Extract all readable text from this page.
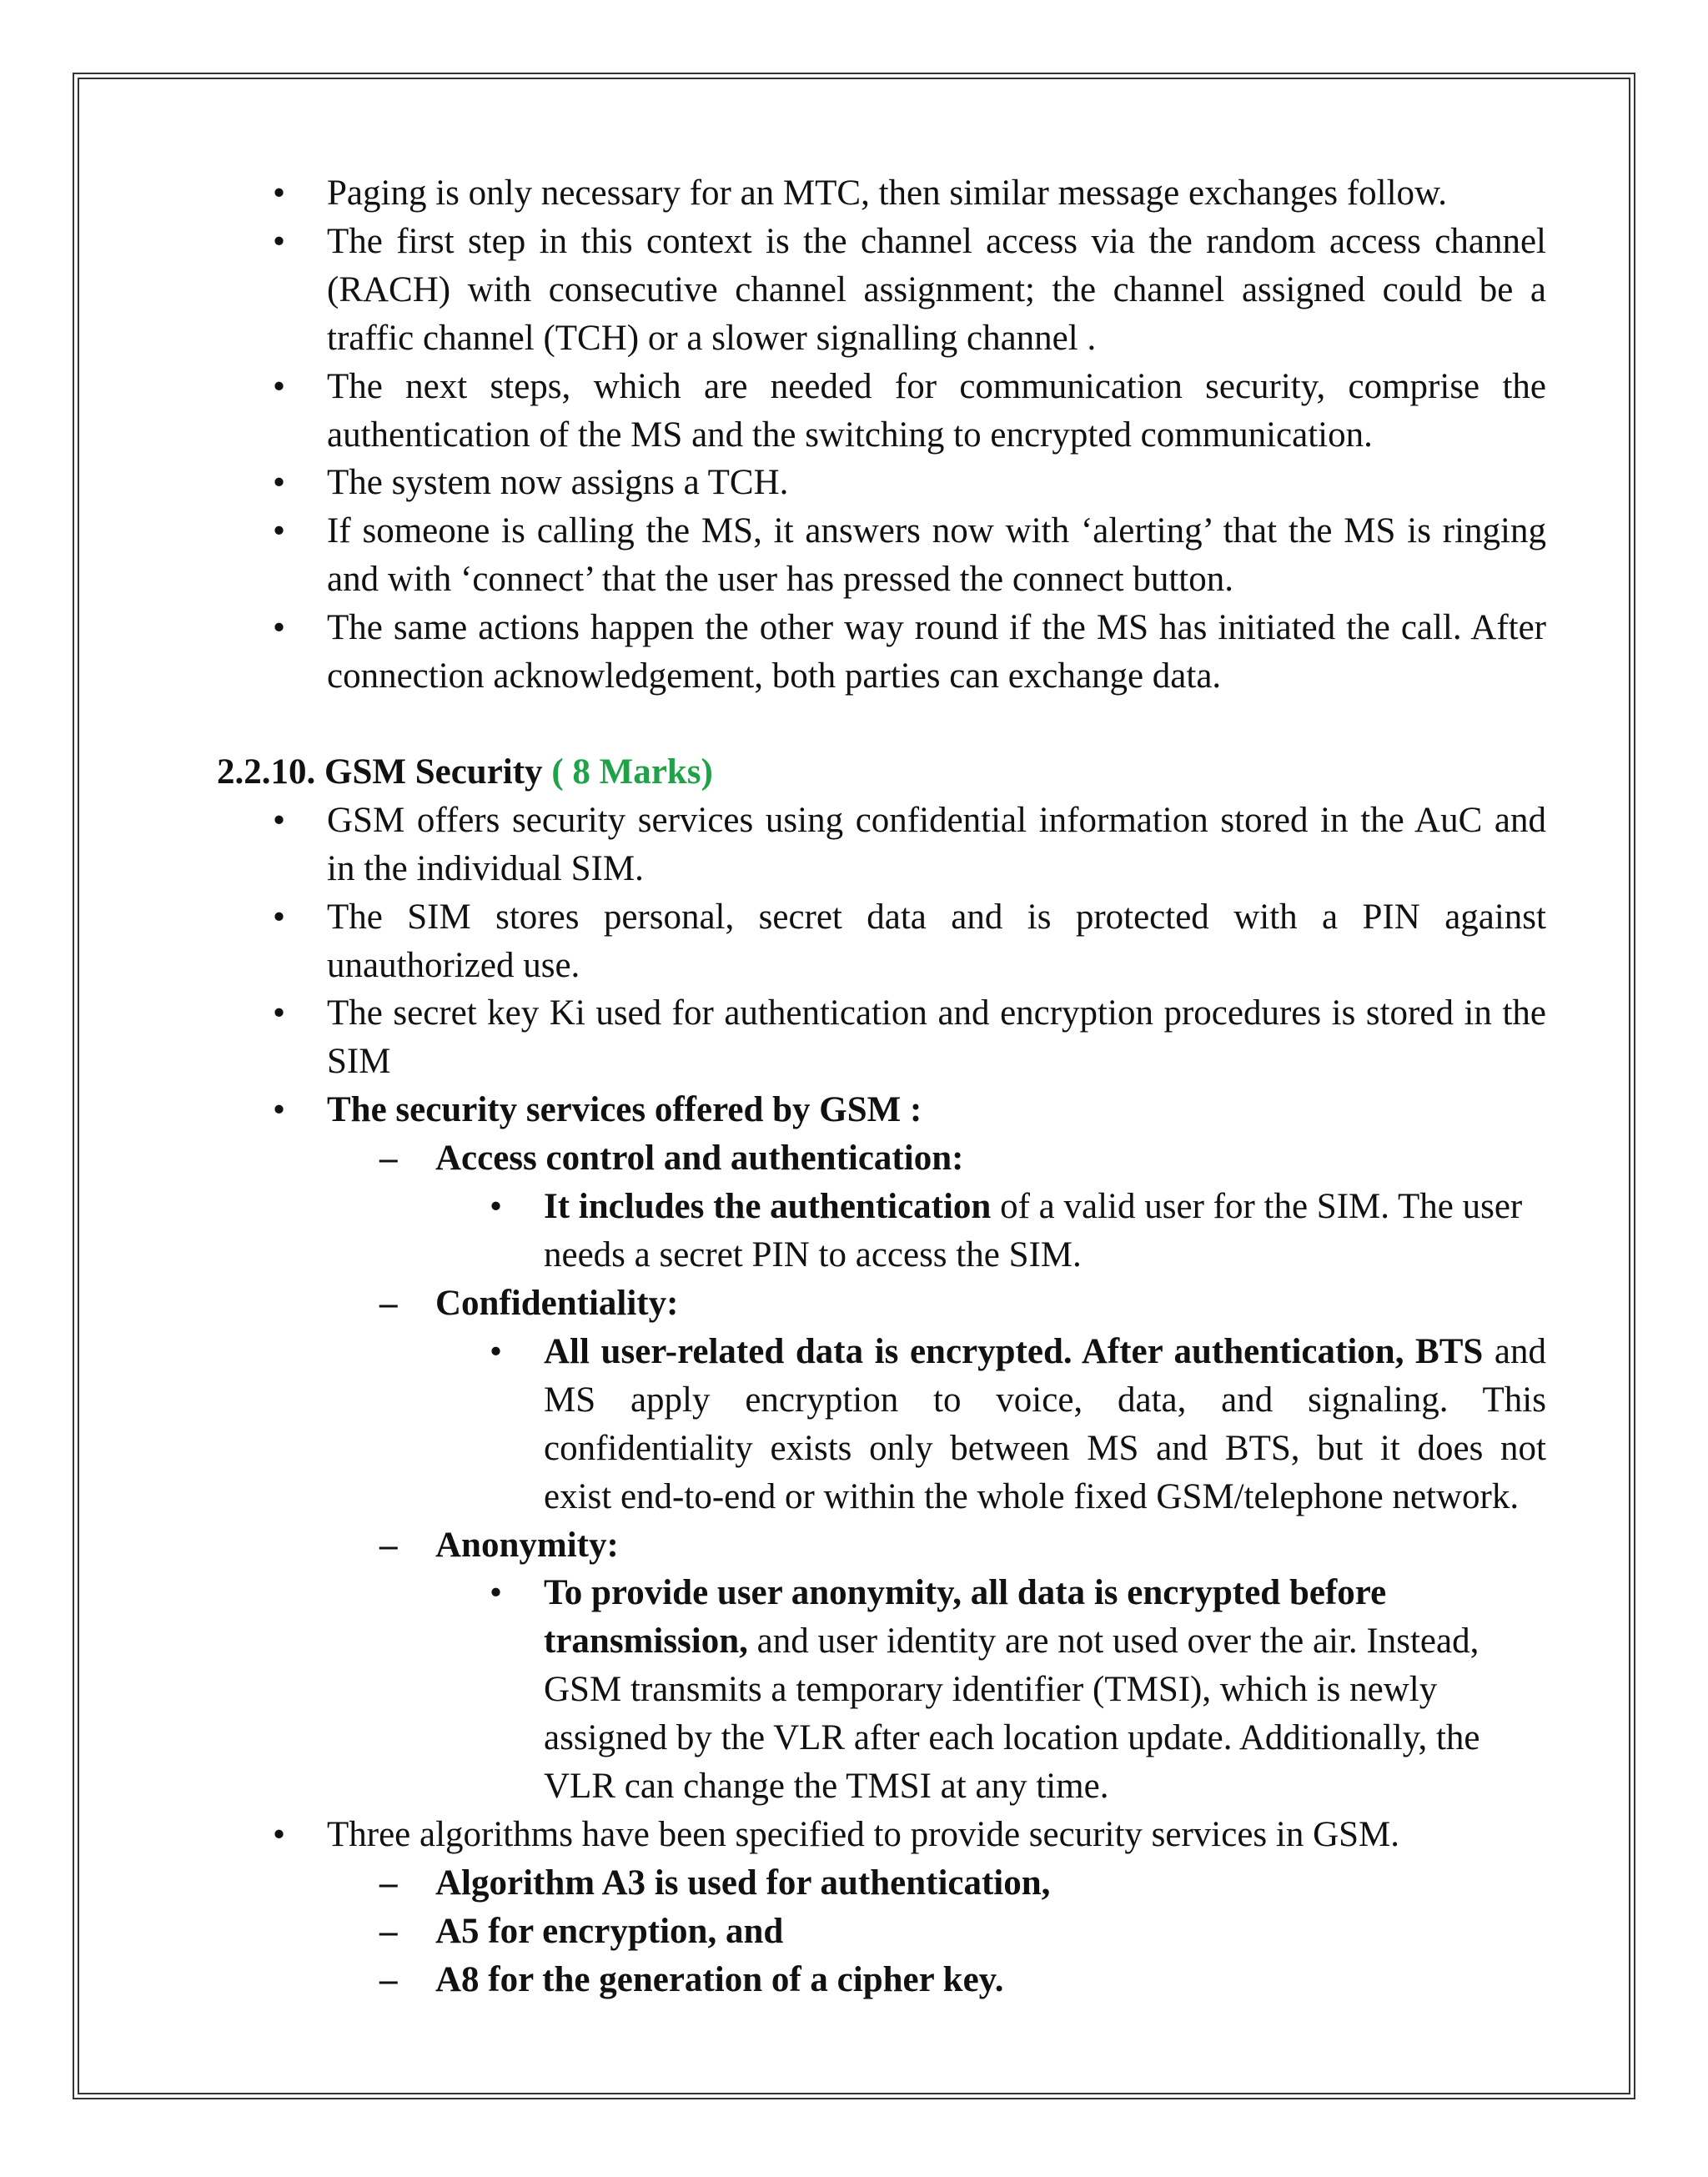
• Paging is only necessary for an MTC, then similar message exchanges follow.
• The first step in this context is the channel access via the random access channel
(RACH) with consecutive channel assignment; the channel assigned could be a
traffic channel (TCH) or a slower signalling channel .
• The next steps, which are needed for communication security, comprise the
authentication of the MS and the switching to encrypted communication.
• The system now assigns a TCH.
• If someone is calling the MS, it answers now with ‘alerting’ that the MS is ringing
and with ‘connect’ that the user has pressed the connect button.
• The same actions happen the other way round if the MS has initiated the call. After
connection acknowledgement, both parties can exchange data.
2.2.10. GSM Security ( 8 Marks)
• GSM offers security services using confidential information stored in the AuC and
in the individual SIM.
• The SIM stores personal, secret data and is protected with a PIN against
unauthorized use.
• The secret key Ki used for authentication and encryption procedures is stored in the
SIM
• The security services offered by GSM :
– Access control and authentication:
• It includes the authentication of a valid user for the SIM. The user
needs a secret PIN to access the SIM.
– Confidentiality:
• All user-related data is encrypted. After authentication, BTS and
MS apply encryption to voice, data, and signaling. This
confidentiality exists only between MS and BTS, but it does not
exist end-to-end or within the whole fixed GSM/telephone network.
– Anonymity:
• To provide user anonymity, all data is encrypted before
transmission, and user identity are not used over the air. Instead,
GSM transmits a temporary identifier (TMSI), which is newly
assigned by the VLR after each location update. Additionally, the
VLR can change the TMSI at any time.
• Three algorithms have been specified to provide security services in GSM.
– Algorithm A3 is used for authentication,
– A5 for encryption, and
– A8 for the generation of a cipher key.
